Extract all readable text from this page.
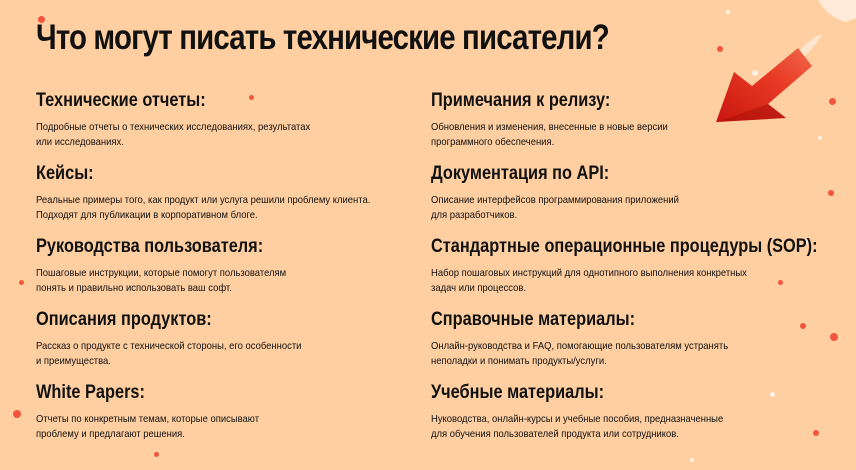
Что могут писать технические писатели?
Технические отчеты:

Подробные отчеты о технических исследованиях, результатах
или исследованиях.

Кейсы:

Реальные примеры того, как продукт или услуга решили проблему клиента.
Подходят для публикации в корпоративном блоге.

Руководства пользователя:

Пошаговые инструкции, которые помогут пользователям
понять и правильно использовать ваш софт.

Описания продуктов:

Рассказ о продукте с технической стороны, его особенности
и преимущества.

White Papers:

Отчеты по конкретным темам, которые описывают
проблему и предлагают решения.

Примечания к релизу:

Обновления и изменения, внесенные в новые версии
программного обеспечения.

Документация по API:

Описание интерфейсов программирования приложений
для разработчиков.

Стандартные операционные процедуры (SOP):

Набор пошаговых инструкций для однотипного выполнения конкретных
задач или процессов.

Справочные материалы:

Онлайн-руководства и FAQ, помогающие пользователям устранять
неполадки и понимать продукты/услуги.

Учебные материалы:

Нуководства, онлайн-курсы и учебные пособия, предназначенные
для обучения пользователей продукта или сотрудников.
